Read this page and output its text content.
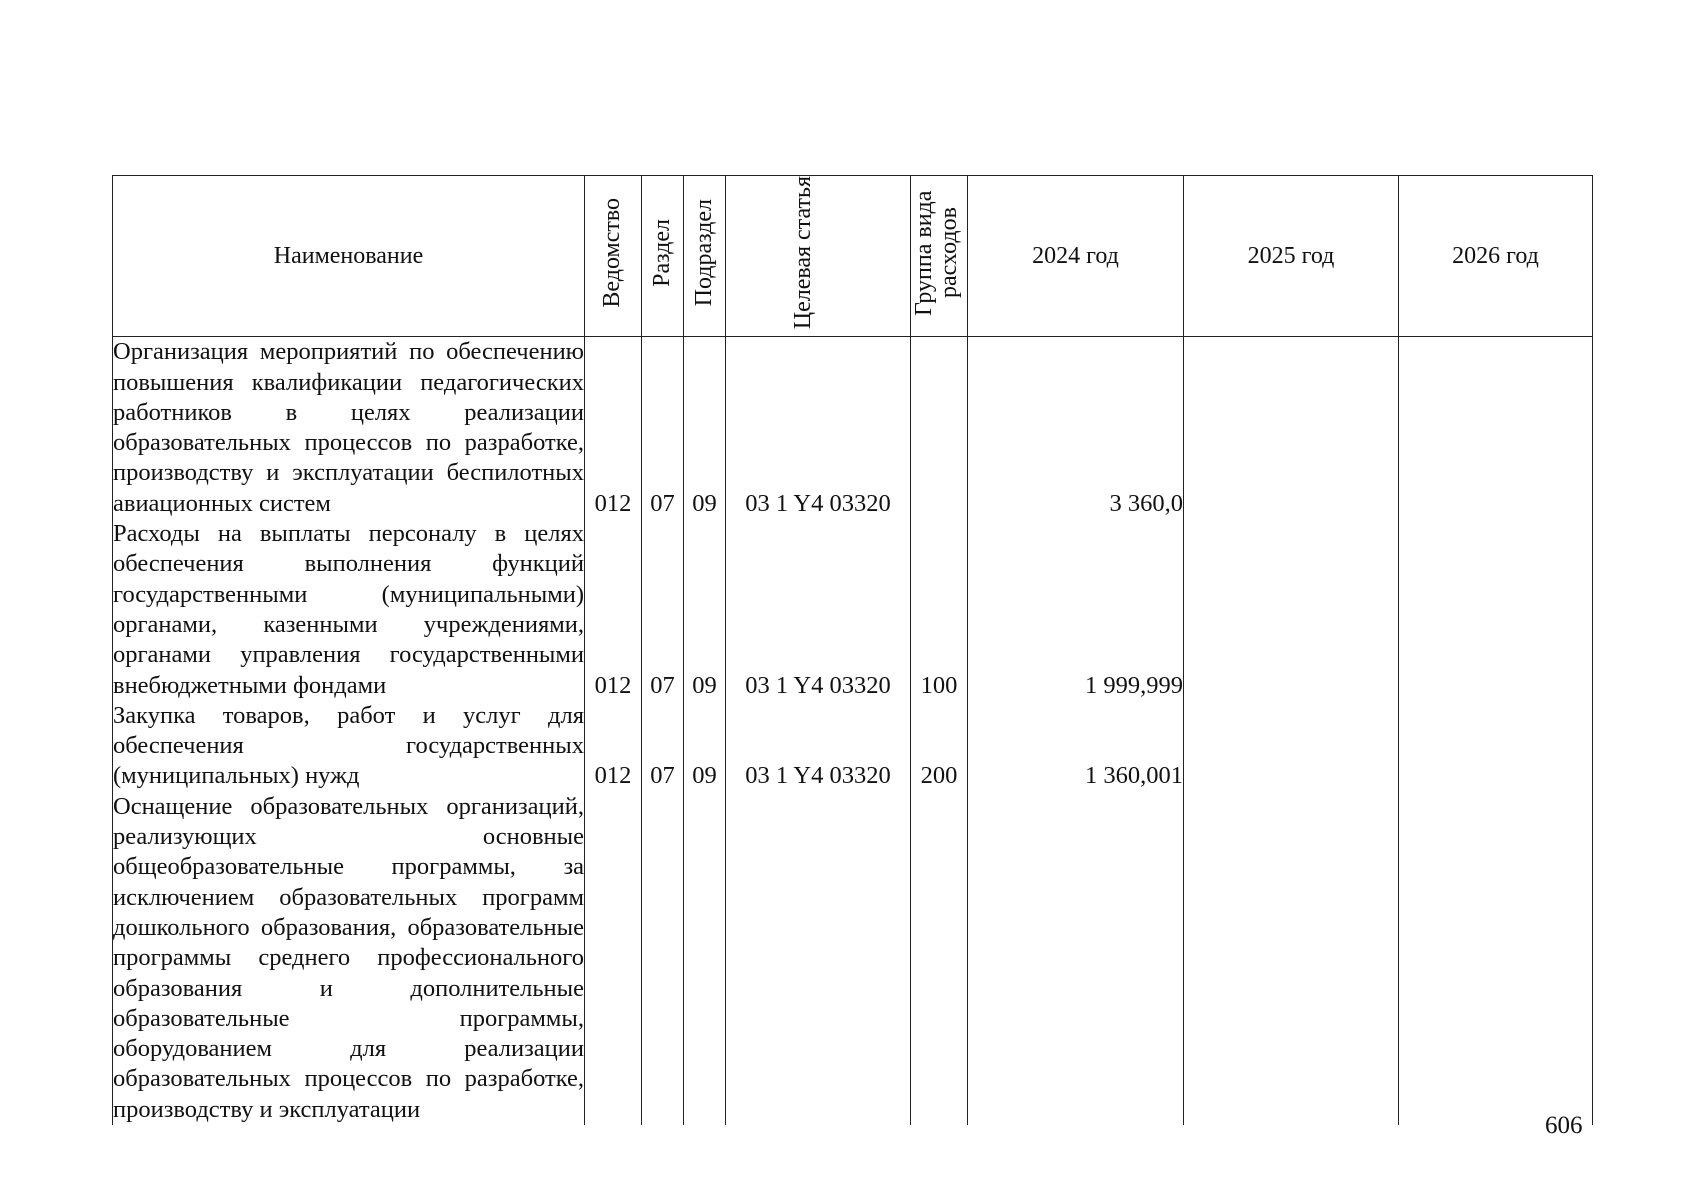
Наименование	Ведомство	Раздел	Подраздел	Целевая статья	Группа вида расходов	2024 год	2025 год	2026 год
Организация мероприятий по обеспечению повышения квалификации педагогических работников в целях реализации образовательных процессов по разработке, производству и эксплуатации беспилотных авиационных систем	012	07	09	03 1 Y4 03320		3 360,0		
Расходы на выплаты персоналу в целях обеспечения выполнения функций государственными (муниципальными) органами, казенными учреждениями, органами управления государственными внебюджетными фондами	012	07	09	03 1 Y4 03320	100	1 999,999		
Закупка товаров, работ и услуг для обеспечения государственных (муниципальных) нужд	012	07	09	03 1 Y4 03320	200	1 360,001		
Оснащение образовательных организаций, реализующих основные общеобразовательные программы, за исключением образовательных программ дошкольного образования, образовательные программы среднего профессионального образования и дополнительные образовательные программы, оборудованием для реализации образовательных процессов по разработке, производству и эксплуатации								

606
